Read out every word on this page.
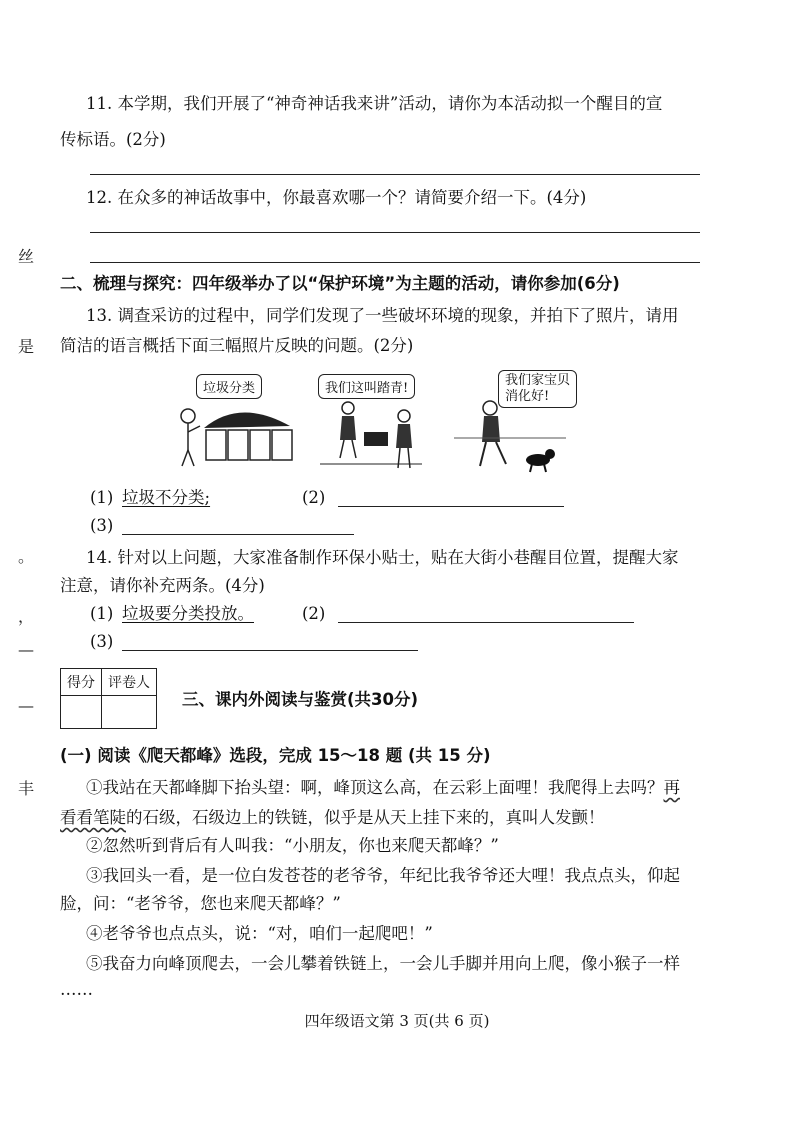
丝
是
。
，
—
—
丰
11. 本学期，我们开展了“神奇神话我来讲”活动，请你为本活动拟一个醒目的宣
传标语。(2分)
12. 在众多的神话故事中，你最喜欢哪一个？请简要介绍一下。(4分)
二、梳理与探究：四年级举办了以“保护环境”为主题的活动，请你参加(6分)
13. 调查采访的过程中，同学们发现了一些破坏环境的现象，并拍下了照片，请用
简洁的语言概括下面三幅照片反映的问题。(2分)
垃圾分类	我们这叫踏青!
我们家宝贝
消化好!
(1) 垃圾不分类;	(2)
(3)
14. 针对以上问题，大家准备制作环保小贴士，贴在大街小巷醒目位置，提醒大家
注意，请你补充两条。(4分)
(1) 垃圾要分类投放。	(2)
(3)
得分	评卷人

三、课内外阅读与鉴赏(共30分)
(一) 阅读《爬天都峰》选段，完成 15～18 题 (共 15 分)
①我站在天都峰脚下抬头望：啊，峰顶这么高，在云彩上面哩！我爬得上去吗？再
看看笔陡的石级，石级边上的铁链，似乎是从天上挂下来的，真叫人发颤！
②忽然听到背后有人叫我：“小朋友，你也来爬天都峰？”
③我回头一看，是一位白发苍苍的老爷爷，年纪比我爷爷还大哩！我点点头，仰起
脸，问：“老爷爷，您也来爬天都峰？”
④老爷爷也点点头，说：“对，咱们一起爬吧！”
⑤我奋力向峰顶爬去，一会儿攀着铁链上，一会儿手脚并用向上爬，像小猴子一样
……
四年级语文第 3 页(共 6 页)
